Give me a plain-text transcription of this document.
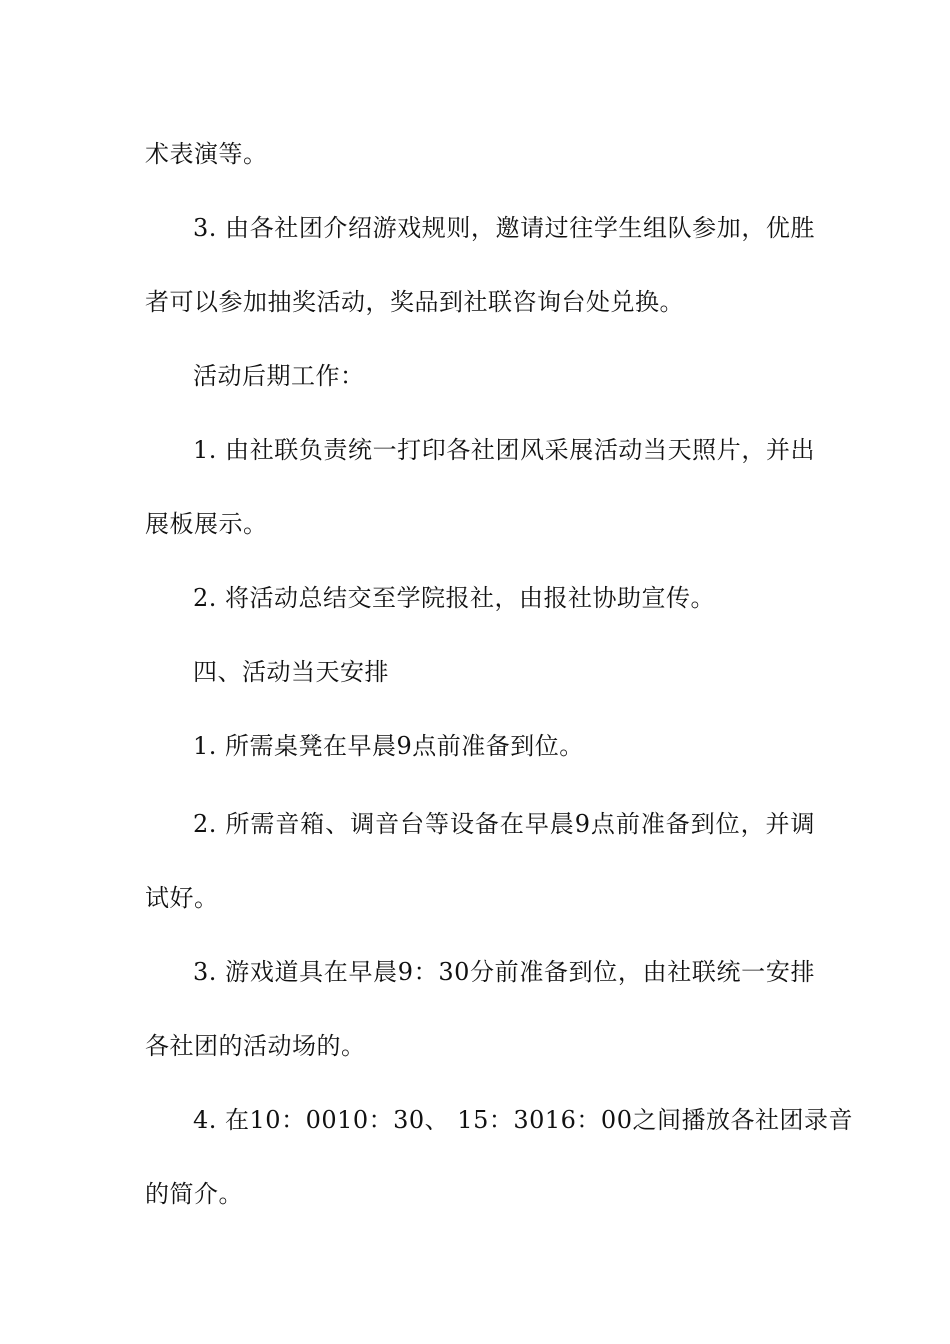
术表演等。
3. 由各社团介绍游戏规则，邀请过往学生组队参加，优胜
者可以参加抽奖活动，奖品到社联咨询台处兑换。
活动后期工作：
1. 由社联负责统一打印各社团风采展活动当天照片，并出
展板展示。
2. 将活动总结交至学院报社，由报社协助宣传。
四、活动当天安排
1. 所需桌凳在早晨9点前准备到位。
2. 所需音箱、调音台等设备在早晨9点前准备到位，并调
试好。
3. 游戏道具在早晨9：30分前准备到位，由社联统一安排
各社团的活动场的。
4. 在10：0010：30、 15：3016：00之间播放各社团录音
的简介。
